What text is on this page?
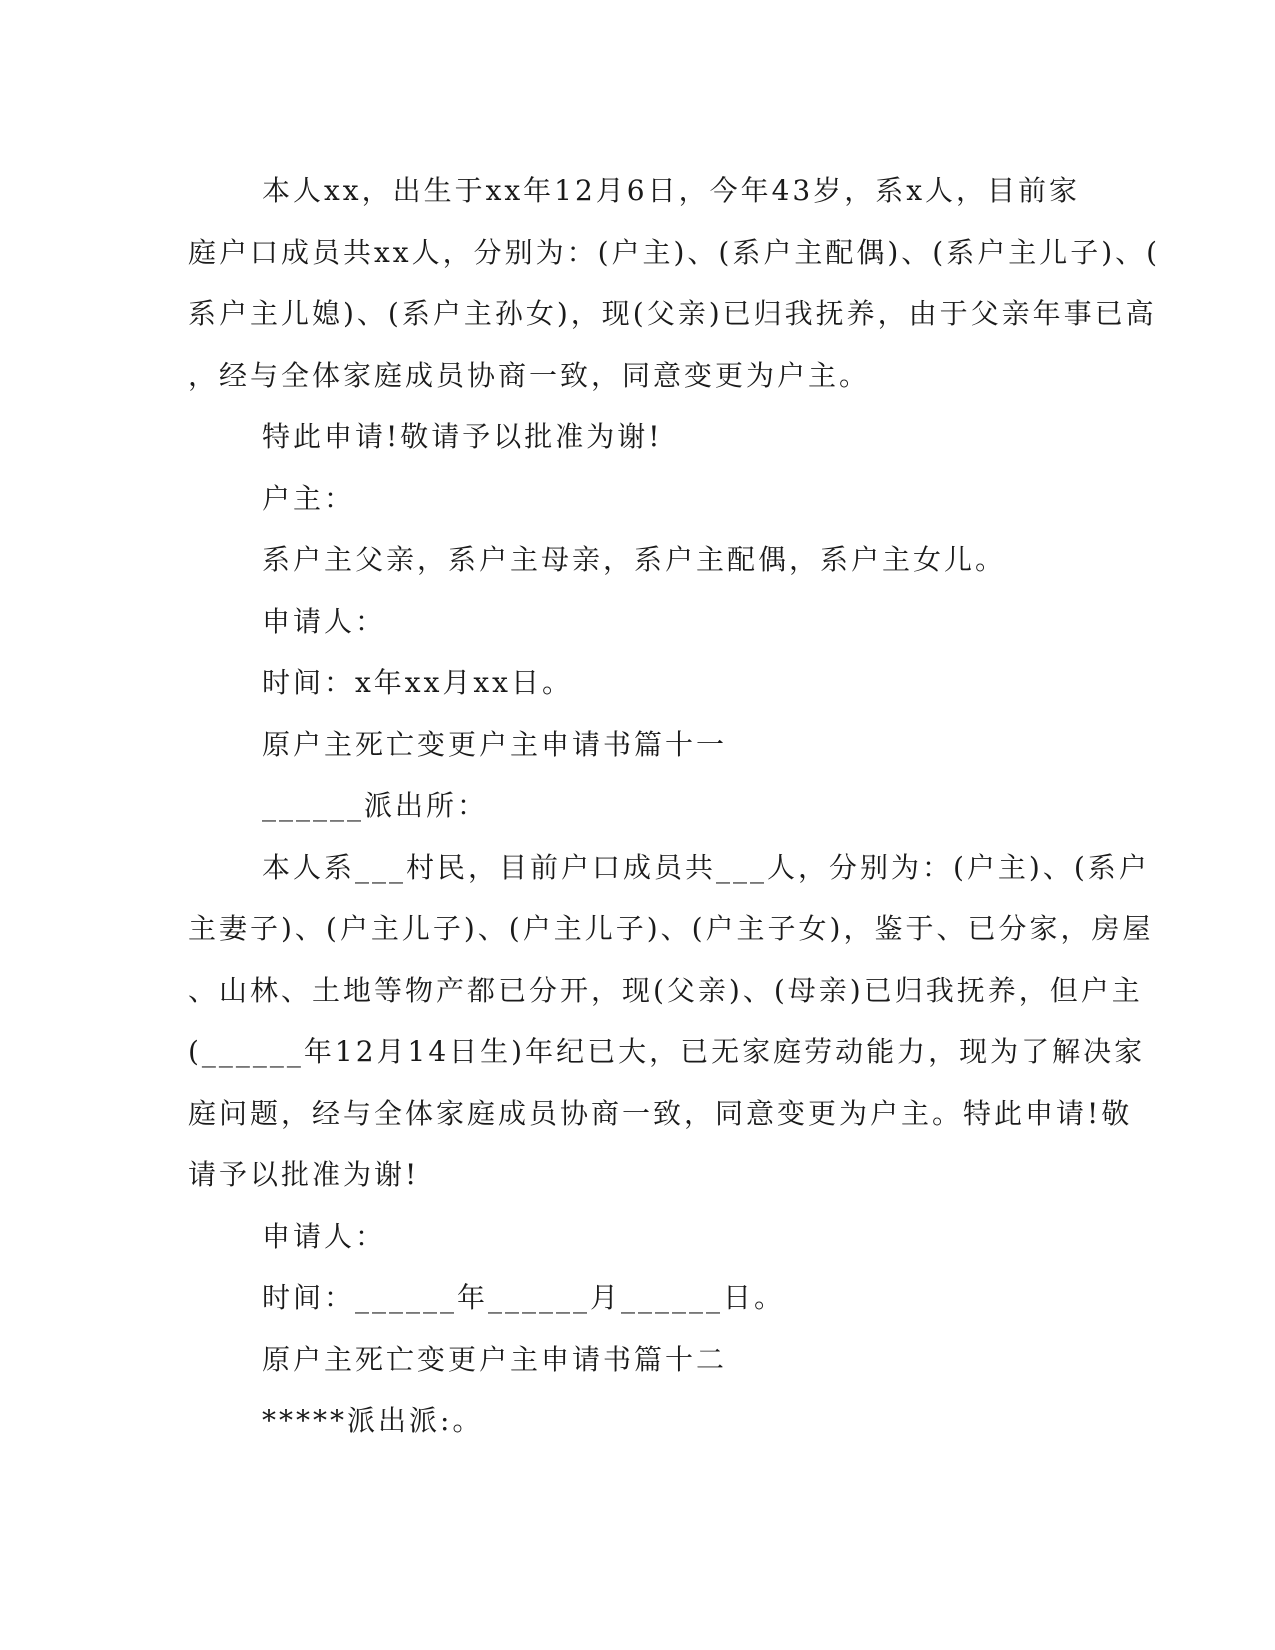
本人xx，出生于xx年12月6日，今年43岁，系x人，目前家
庭户口成员共xx人，分别为：(户主)、(系户主配偶)、(系户主儿子)、(
系户主儿媳)、(系户主孙女)，现(父亲)已归我抚养，由于父亲年事已高
，经与全体家庭成员协商一致，同意变更为户主。
特此申请!敬请予以批准为谢!
户主：
系户主父亲，系户主母亲，系户主配偶，系户主女儿。
申请人：
时间：x年xx月xx日。
原户主死亡变更户主申请书篇十一
______派出所：
本人系___村民，目前户口成员共___人，分别为：(户主)、(系户
主妻子)、(户主儿子)、(户主儿子)、(户主子女)，鉴于、已分家，房屋
、山林、土地等物产都已分开，现(父亲)、(母亲)已归我抚养，但户主
(______年12月14日生)年纪已大，已无家庭劳动能力，现为了解决家
庭问题，经与全体家庭成员协商一致，同意变更为户主。特此申请!敬
请予以批准为谢!
申请人：
时间：______年______月______日。
原户主死亡变更户主申请书篇十二
*****派出派:。
